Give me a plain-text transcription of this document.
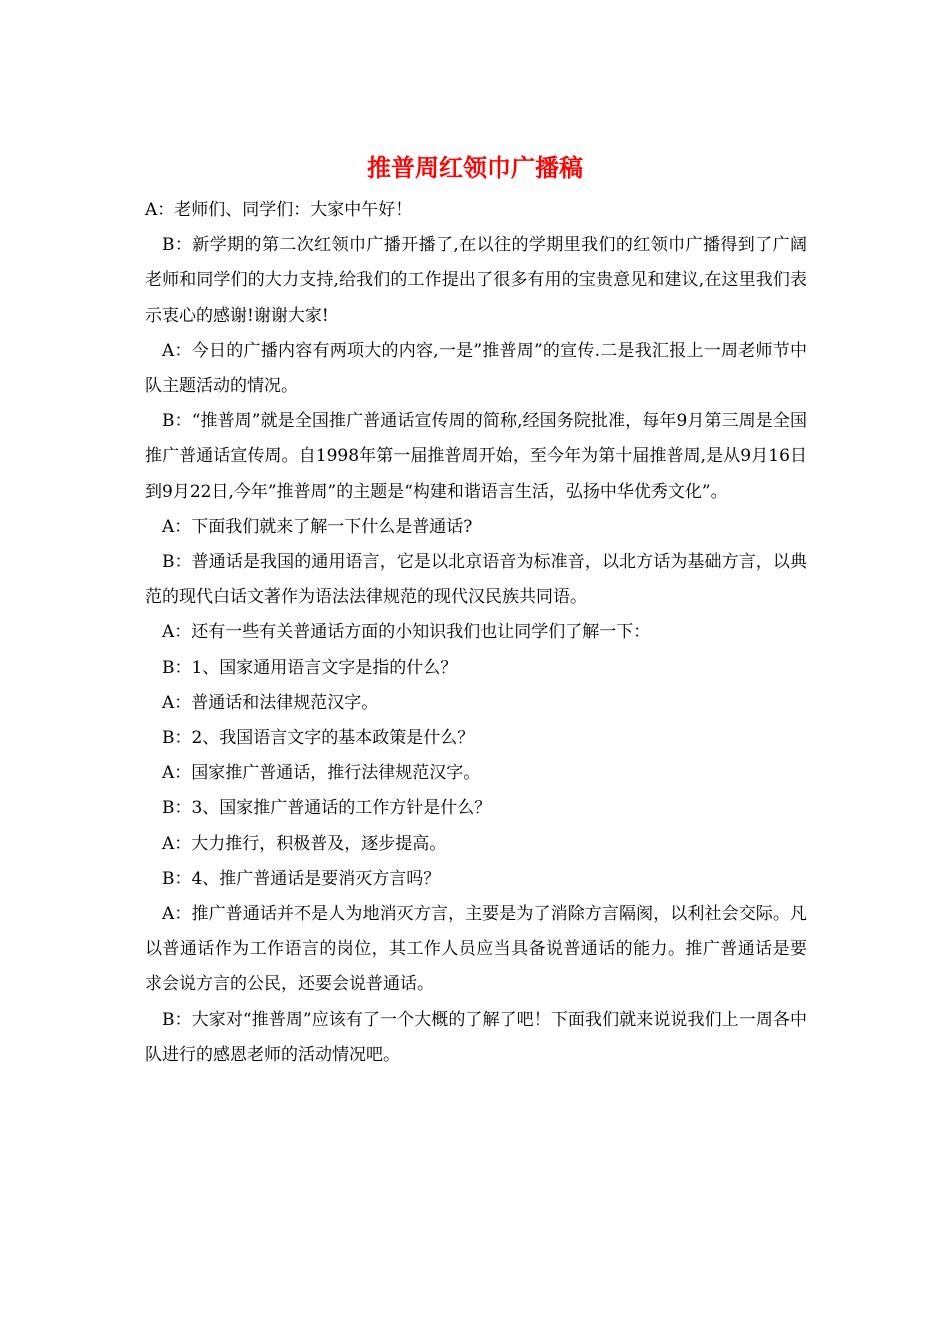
推普周红领巾广播稿

A：老师们、同学们：大家中午好！

B：新学期的第二次红领巾广播开播了,在以往的学期里我们的红领巾广播得到了广阔老师和同学们的大力支持,给我们的工作提出了很多有用的宝贵意见和建议,在这里我们表示衷心的感谢!谢谢大家!

A：今日的广播内容有两项大的内容,一是”推普周”的宣传.二是我汇报上一周老师节中队主题活动的情况。

B：“推普周”就是全国推广普通话宣传周的简称,经国务院批准，每年9月第三周是全国推广普通话宣传周。自1998年第一届推普周开始，至今年为第十届推普周,是从9月16日到9月22日,今年”推普周”的主题是“构建和谐语言生活，弘扬中华优秀文化”。

A：下面我们就来了解一下什么是普通话?

B：普通话是我国的通用语言，它是以北京语音为标准音，以北方话为基础方言，以典范的现代白话文著作为语法法律规范的现代汉民族共同语。

A：还有一些有关普通话方面的小知识我们也让同学们了解一下：

B：1、国家通用语言文字是指的什么？

A：普通话和法律规范汉字。

B：2、我国语言文字的基本政策是什么？

A：国家推广普通话，推行法律规范汉字。

B：3、国家推广普通话的工作方针是什么？

A：大力推行，积极普及，逐步提高。

B：4、推广普通话是要消灭方言吗？

A：推广普通话并不是人为地消灭方言，主要是为了消除方言隔阂，以利社会交际。凡以普通话作为工作语言的岗位，其工作人员应当具备说普通话的能力。推广普通话是要求会说方言的公民，还要会说普通话。

B：大家对“推普周”应该有了一个大概的了解了吧！下面我们就来说说我们上一周各中队进行的感恩老师的活动情况吧。
